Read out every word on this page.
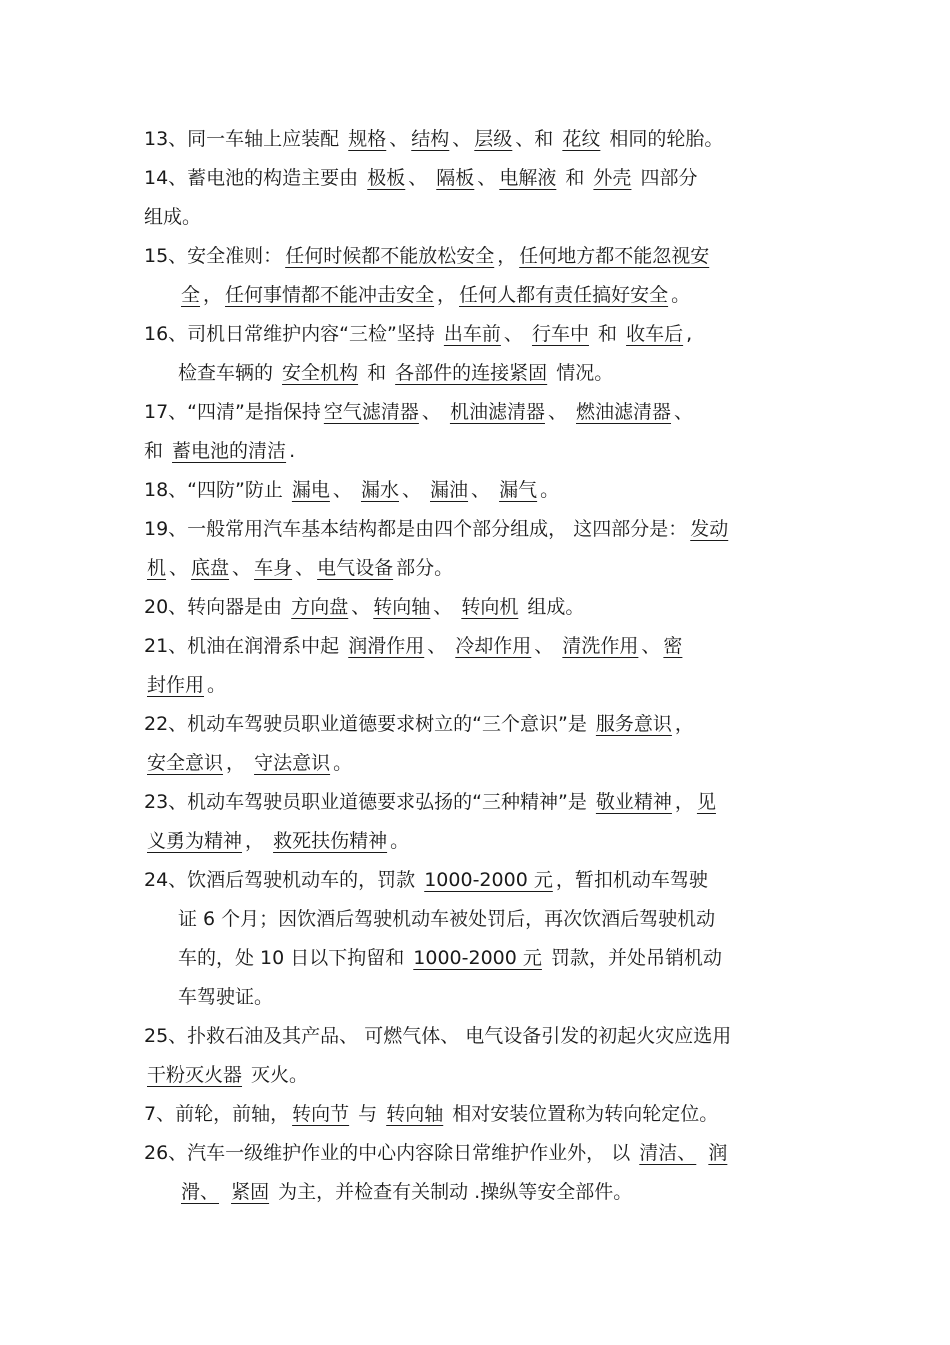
13、同一车轴上应装配 规格 、 结构 、 层级 、和 花纹 相同的轮胎。
14、蓄电池的构造主要由 极板 、 隔板 、 电解液 和 外壳 四部分
组成。
15、安全准则： 任何时候都不能放松安全 ， 任何地方都不能忽视安
全 ， 任何事情都不能冲击安全 ， 任何人都有责任搞好安全 。
16、司机日常维护内容“三检”坚持 出车前 、 行车中 和 收车后 ,
检查车辆的 安全机构 和 各部件的连接紧固 情况。
17、“四清”是指保持 空气滤清器 、 机油滤清器 、 燃油滤清器 、
和 蓄电池的清洁 .
18、“四防”防止 漏电 、 漏水 、 漏油 、 漏气 。
19、一般常用汽车基本结构都是由四个部分组成， 这四部分是： 发动
机 、 底盘 、 车身 、 电气设备 部分。
20、转向器是由 方向盘 、 转向轴 、 转向机 组成。
21、机油在润滑系中起 润滑作用 、 冷却作用 、 清洗作用 、 密
封作用 。
22、机动车驾驶员职业道德要求树立的“三个意识”是 服务意识 ，
安全意识 ， 守法意识 。
23、机动车驾驶员职业道德要求弘扬的“三种精神”是 敬业精神 ， 见
义勇为精神 ， 救死扶伤精神 。
24、饮酒后驾驶机动车的，罚款 1000-2000 元 ，暂扣机动车驾驶
证 6 个月；因饮酒后驾驶机动车被处罚后，再次饮酒后驾驶机动
车的，处 10 日以下拘留和 1000-2000 元 罚款，并处吊销机动
车驾驶证。
25、扑救石油及其产品、 可燃气体、 电气设备引发的初起火灾应选用
干粉灭火器 灭火。
7、前轮，前轴， 转向节 与 转向轴 相对安装位置称为转向轮定位。
26、汽车一级维护作业的中心内容除日常维护作业外， 以 清洁、 润
滑、 紧固 为主，并检查有关制动 .操纵等安全部件。
